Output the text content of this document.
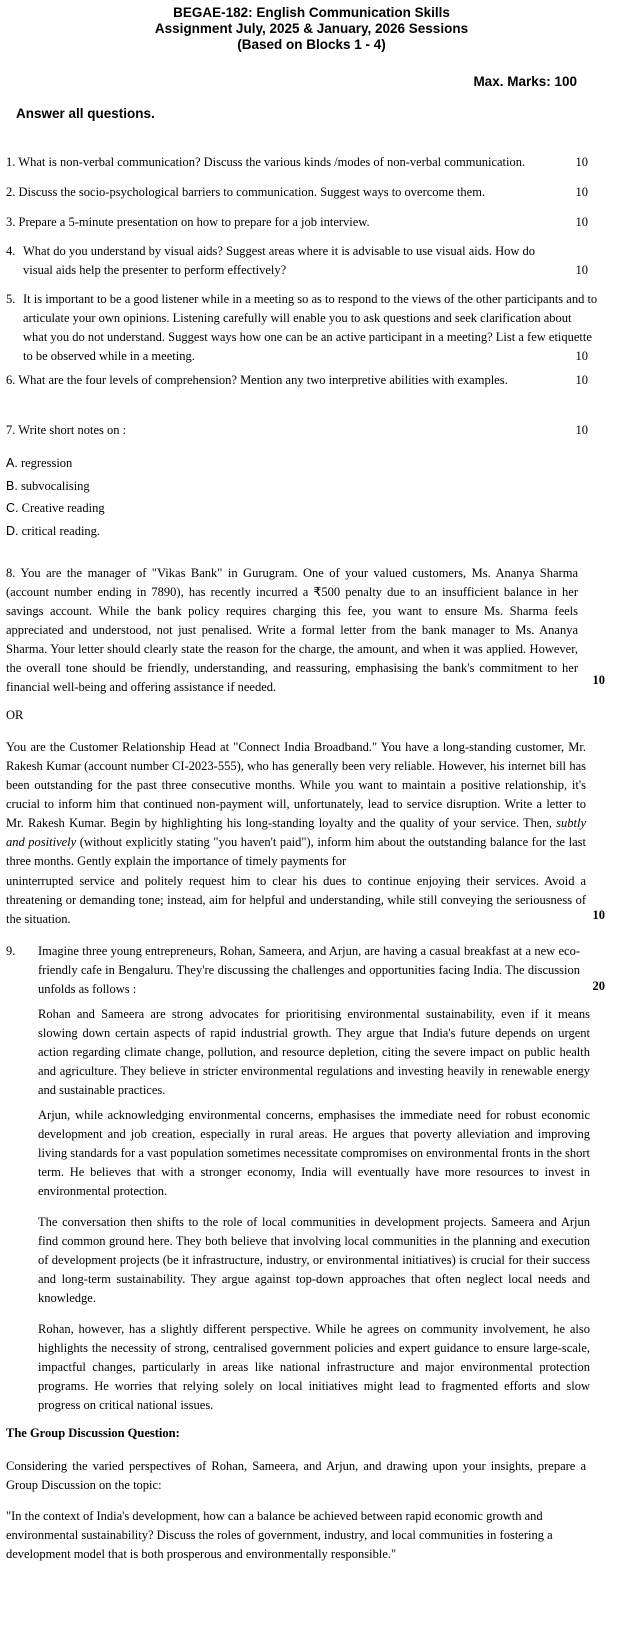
BEGAE-182: English Communication Skills
Assignment July, 2025 & January, 2026 Sessions
(Based on Blocks 1 - 4)
Max. Marks: 100
Answer all questions.
1. What is non-verbal communication? Discuss the various kinds /modes of non-verbal communication.	10
2. Discuss the socio-psychological barriers to communication. Suggest ways to overcome them.	10
3. Prepare a 5-minute presentation on how to prepare for a job interview.	10
4. What do you understand by visual aids? Suggest areas where it is advisable to use visual aids. How do visual aids help the presenter to perform effectively?	10
5. It is important to be a good listener while in a meeting so as to respond to the views of the other participants and to articulate your own opinions. Listening carefully will enable you to ask questions and seek clarification about what you do not understand. Suggest ways how one can be an active participant in a meeting? List a few etiquette to be observed while in a meeting.	10
6. What are the four levels of comprehension? Mention any two interpretive abilities with examples.	10
7. Write short notes on :	10
A. regression
B. subvocalising
C. Creative reading
D. critical reading.
8. You are the manager of "Vikas Bank" in Gurugram. One of your valued customers, Ms. Ananya Sharma (account number ending in 7890), has recently incurred a ₹500 penalty due to an insufficient balance in her savings account. While the bank policy requires charging this fee, you want to ensure Ms. Sharma feels appreciated and understood, not just penalised. Write a formal letter from the bank manager to Ms. Ananya Sharma. Your letter should clearly state the reason for the charge, the amount, and when it was applied. However, the overall tone should be friendly, understanding, and reassuring, emphasising the bank's commitment to her financial well-being and offering assistance if needed.	10
OR
You are the Customer Relationship Head at "Connect India Broadband." You have a long-standing customer, Mr. Rakesh Kumar (account number CI-2023-555), who has generally been very reliable. However, his internet bill has been outstanding for the past three consecutive months. While you want to maintain a positive relationship, it's crucial to inform him that continued non-payment will, unfortunately, lead to service disruption. Write a letter to Mr. Rakesh Kumar. Begin by highlighting his long-standing loyalty and the quality of your service. Then, subtly and positively (without explicitly stating "you haven't paid"), inform him about the outstanding balance for the last three months. Gently explain the importance of timely payments for
uninterrupted service and politely request him to clear his dues to continue enjoying their services. Avoid a threatening or demanding tone; instead, aim for helpful and understanding, while still conveying the seriousness of the situation.	10
9. Imagine three young entrepreneurs, Rohan, Sameera, and Arjun, are having a casual breakfast at a new eco-friendly cafe in Bengaluru. They're discussing the challenges and opportunities facing India. The discussion unfolds as follows :	20
Rohan and Sameera are strong advocates for prioritising environmental sustainability, even if it means slowing down certain aspects of rapid industrial growth. They argue that India's future depends on urgent action regarding climate change, pollution, and resource depletion, citing the severe impact on public health and agriculture. They believe in stricter environmental regulations and investing heavily in renewable energy and sustainable practices.
Arjun, while acknowledging environmental concerns, emphasises the immediate need for robust economic development and job creation, especially in rural areas. He argues that poverty alleviation and improving living standards for a vast population sometimes necessitate compromises on environmental fronts in the short term. He believes that with a stronger economy, India will eventually have more resources to invest in environmental protection.
The conversation then shifts to the role of local communities in development projects. Sameera and Arjun find common ground here. They both believe that involving local communities in the planning and execution of development projects (be it infrastructure, industry, or environmental initiatives) is crucial for their success and long-term sustainability. They argue against top-down approaches that often neglect local needs and knowledge.
Rohan, however, has a slightly different perspective. While he agrees on community involvement, he also highlights the necessity of strong, centralised government policies and expert guidance to ensure large-scale, impactful changes, particularly in areas like national infrastructure and major environmental protection programs. He worries that relying solely on local initiatives might lead to fragmented efforts and slow progress on critical national issues.
The Group Discussion Question:
Considering the varied perspectives of Rohan, Sameera, and Arjun, and drawing upon your insights, prepare a Group Discussion on the topic:
"In the context of India's development, how can a balance be achieved between rapid economic growth and environmental sustainability? Discuss the roles of government, industry, and local communities in fostering a development model that is both prosperous and environmentally responsible."
